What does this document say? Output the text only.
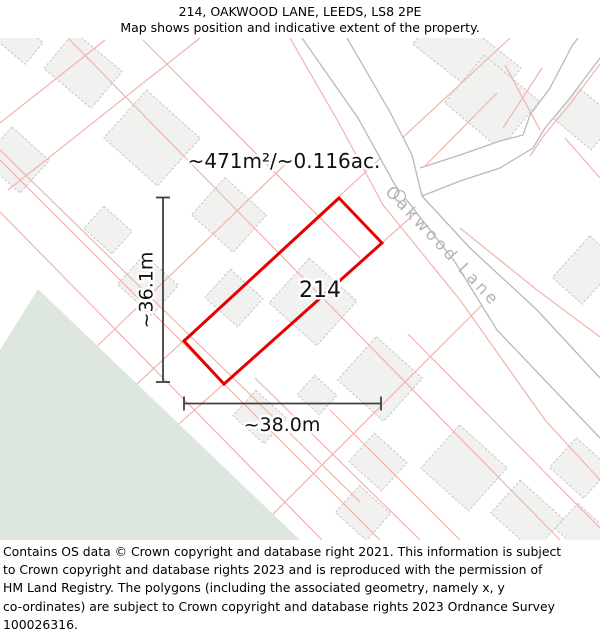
214, OAKWOOD LANE, LEEDS, LS8 2PE
Map shows position and indicative extent of the property.
Oakwood Lane
~471m²/~0.116ac.
214
~36.1m
~38.0m
Contains OS data © Crown copyright and database right 2021. This information is subject
to Crown copyright and database rights 2023 and is reproduced with the permission of
HM Land Registry. The polygons (including the associated geometry, namely x, y
co-ordinates) are subject to Crown copyright and database rights 2023 Ordnance Survey
100026316.
